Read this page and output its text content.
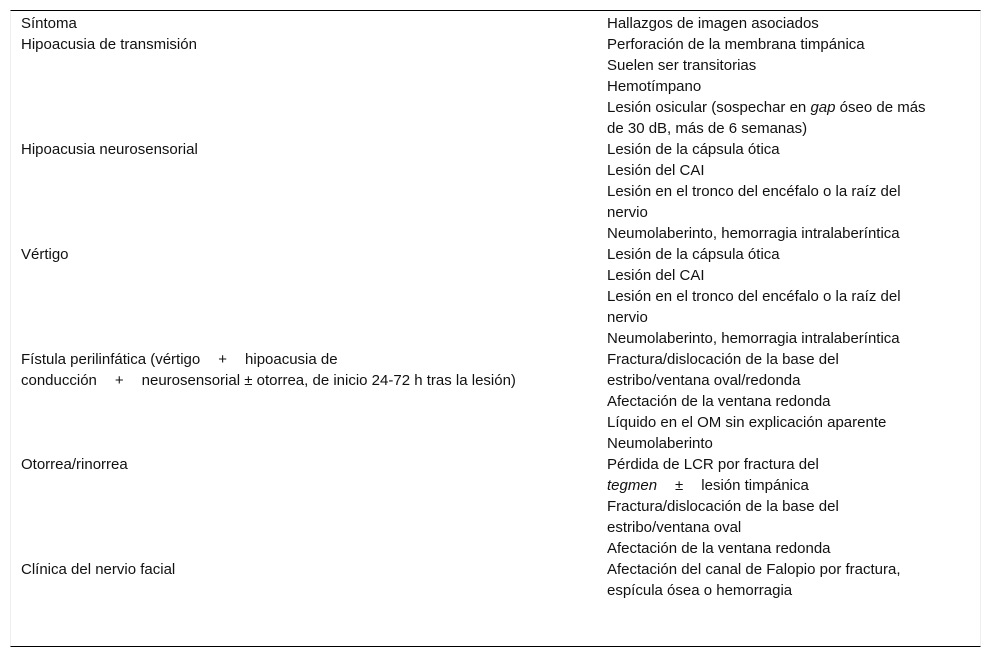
Síntoma	Hallazgos de imagen asociados
Hipoacusia de transmisión	Perforación de la membrana timpánica
	Suelen ser transitorias
	Hemotímpano
	Lesión osicular (sospechar en gap óseo de más
de 30 dB, más de 6 semanas)

Hipoacusia neurosensorial	Lesión de la cápsula ótica
	Lesión del CAI

	Lesión en el tronco del encéfalo o la raíz del
nervio

	Neumolaberinto, hemorragia intralaberíntica
Vértigo	Lesión de la cápsula ótica
	Lesión del CAI

	Lesión en el tronco del encéfalo o la raíz del
nervio

	Neumolaberinto, hemorragia intralaberíntica
Fístula perilinfática (vértigo + hipoacusia de
conducción + neurosensorial ± otorrea, de inicio 24-72 h tras la lesión)	Fractura/dislocación de la base del
estribo/ventana oval/redonda

	Afectación de la ventana redonda
	Líquido en el OM sin explicación aparente
	Neumolaberinto
Otorrea/rinorrea	Pérdida de LCR por fractura del
tegmen ± lesión timpánica

	Fractura/dislocación de la base del
estribo/ventana oval

	Afectación de la ventana redonda
Clínica del nervio facial	Afectación del canal de Falopio por fractura,
espícula ósea o hemorragia
